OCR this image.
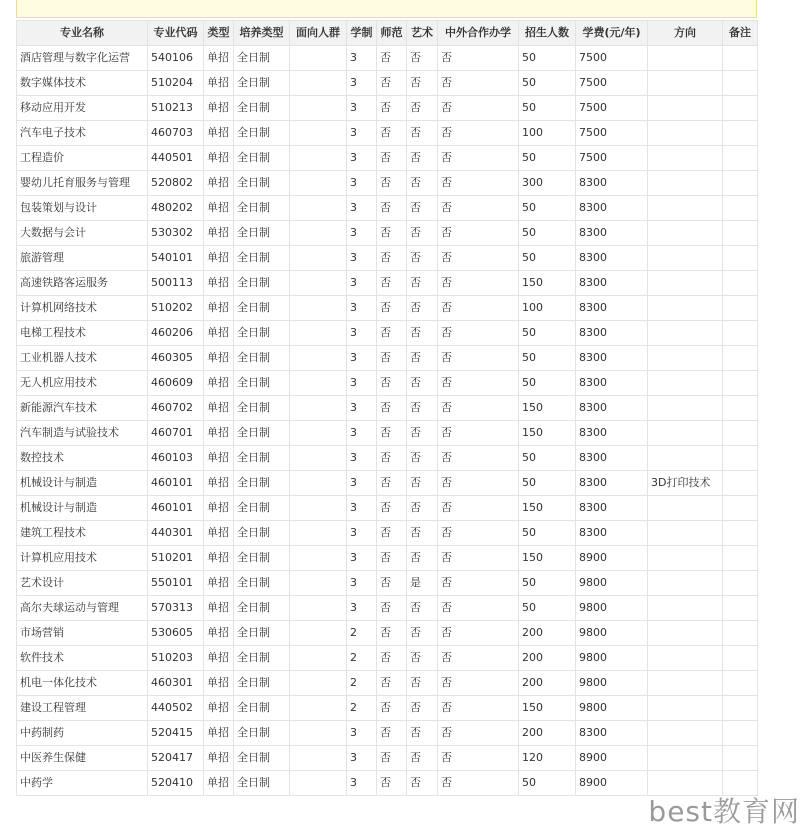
专业名称	专业代码	类型	培养类型	面向人群	学制	师范	艺术	中外合作办学	招生人数	学费(元/年)	方向	备注
酒店管理与数字化运营	540106	单招	全日制		3	否	否	否	50	7500		
数字媒体技术	510204	单招	全日制		3	否	否	否	50	7500		
移动应用开发	510213	单招	全日制		3	否	否	否	50	7500		
汽车电子技术	460703	单招	全日制		3	否	否	否	100	7500		
工程造价	440501	单招	全日制		3	否	否	否	50	7500		
婴幼儿托育服务与管理	520802	单招	全日制		3	否	否	否	300	8300		
包装策划与设计	480202	单招	全日制		3	否	否	否	50	8300		
大数据与会计	530302	单招	全日制		3	否	否	否	50	8300		
旅游管理	540101	单招	全日制		3	否	否	否	50	8300		
高速铁路客运服务	500113	单招	全日制		3	否	否	否	150	8300		
计算机网络技术	510202	单招	全日制		3	否	否	否	100	8300		
电梯工程技术	460206	单招	全日制		3	否	否	否	50	8300		
工业机器人技术	460305	单招	全日制		3	否	否	否	50	8300		
无人机应用技术	460609	单招	全日制		3	否	否	否	50	8300		
新能源汽车技术	460702	单招	全日制		3	否	否	否	150	8300		
汽车制造与试验技术	460701	单招	全日制		3	否	否	否	150	8300		
数控技术	460103	单招	全日制		3	否	否	否	50	8300		
机械设计与制造	460101	单招	全日制		3	否	否	否	50	8300	3D打印技术	
机械设计与制造	460101	单招	全日制		3	否	否	否	150	8300		
建筑工程技术	440301	单招	全日制		3	否	否	否	50	8300		
计算机应用技术	510201	单招	全日制		3	否	否	否	150	8900		
艺术设计	550101	单招	全日制		3	否	是	否	50	9800		
高尔夫球运动与管理	570313	单招	全日制		3	否	否	否	50	9800		
市场营销	530605	单招	全日制		2	否	否	否	200	9800		
软件技术	510203	单招	全日制		2	否	否	否	200	9800		
机电一体化技术	460301	单招	全日制		2	否	否	否	200	9800		
建设工程管理	440502	单招	全日制		2	否	否	否	150	9800		
中药制药	520415	单招	全日制		3	否	否	否	200	8300		
中医养生保健	520417	单招	全日制		3	否	否	否	120	8900		
中药学	520410	单招	全日制		3	否	否	否	50	8900		
best教育网
